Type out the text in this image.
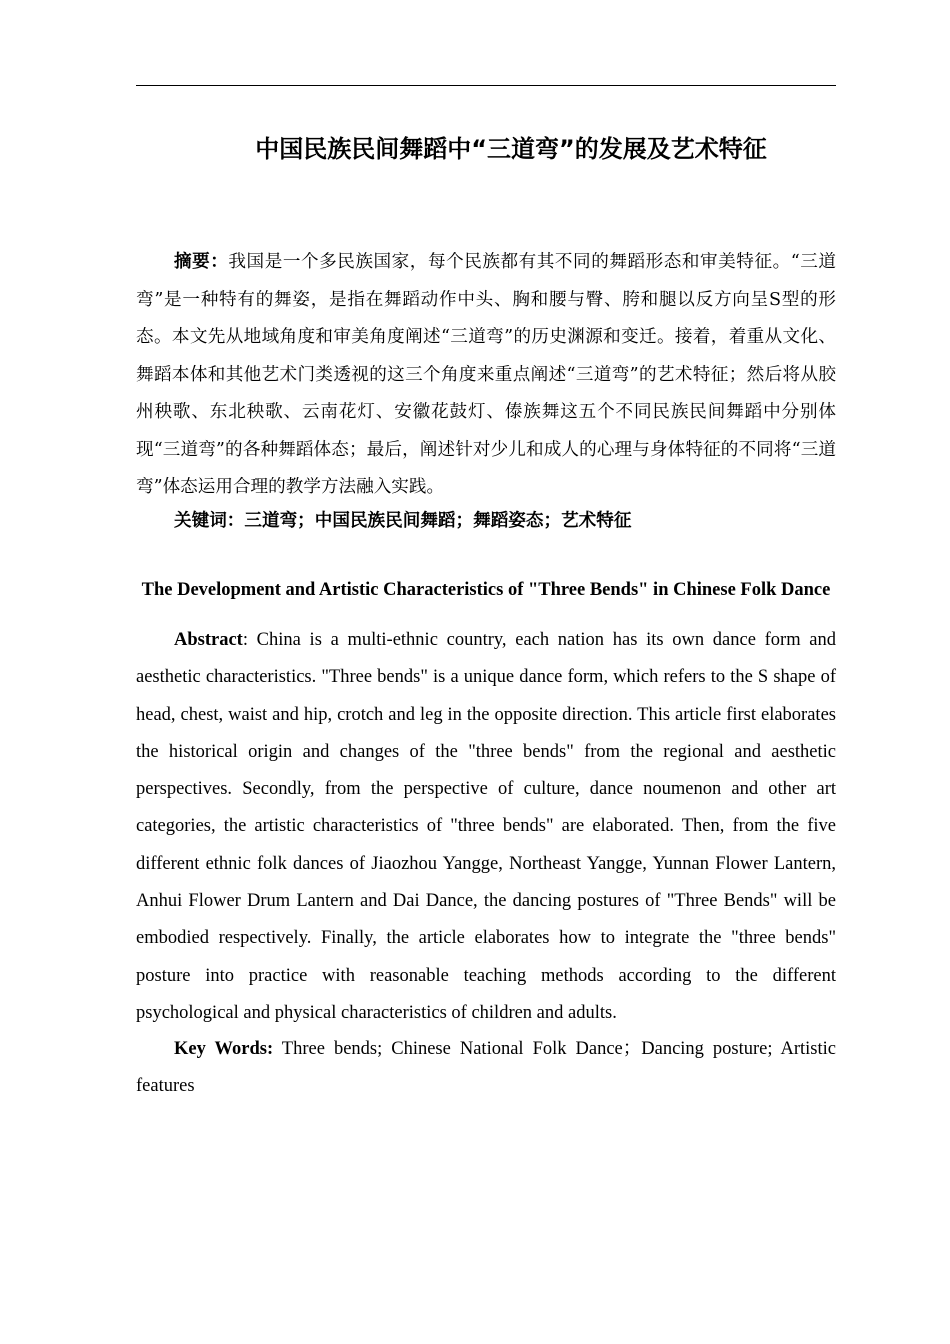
中国民族民间舞蹈中“三道弯”的发展及艺术特征

摘要：我国是一个多民族国家，每个民族都有其不同的舞蹈形态和审美特征。“三道弯”是一种特有的舞姿，是指在舞蹈动作中头、胸和腰与臀、胯和腿以反方向呈S型的形态。本文先从地域角度和审美角度阐述“三道弯”的历史渊源和变迁。接着，着重从文化、舞蹈本体和其他艺术门类透视的这三个角度来重点阐述“三道弯”的艺术特征；然后将从胶州秧歌、东北秧歌、云南花灯、安徽花鼓灯、傣族舞这五个不同民族民间舞蹈中分别体现“三道弯”的各种舞蹈体态；最后，阐述针对少儿和成人的心理与身体特征的不同将“三道弯”体态运用合理的教学方法融入实践。

关键词：三道弯；中国民族民间舞蹈；舞蹈姿态；艺术特征

The Development and Artistic Characteristics of "Three Bends" in Chinese Folk Dance

Abstract: China is a multi-ethnic country, each nation has its own dance form and aesthetic characteristics. "Three bends" is a unique dance form, which refers to the S shape of head, chest, waist and hip, crotch and leg in the opposite direction. This article first elaborates the historical origin and changes of the "three bends" from the regional and aesthetic perspectives. Secondly, from the perspective of culture, dance noumenon and other art categories, the artistic characteristics of "three bends" are elaborated. Then, from the five different ethnic folk dances of Jiaozhou Yangge, Northeast Yangge, Yunnan Flower Lantern, Anhui Flower Drum Lantern and Dai Dance, the dancing postures of "Three Bends" will be embodied respectively. Finally, the article elaborates how to integrate the "three bends" posture into practice with reasonable teaching methods according to the different psychological and physical characteristics of children and adults.

Key Words: Three bends; Chinese National Folk Dance；Dancing posture; Artistic features
